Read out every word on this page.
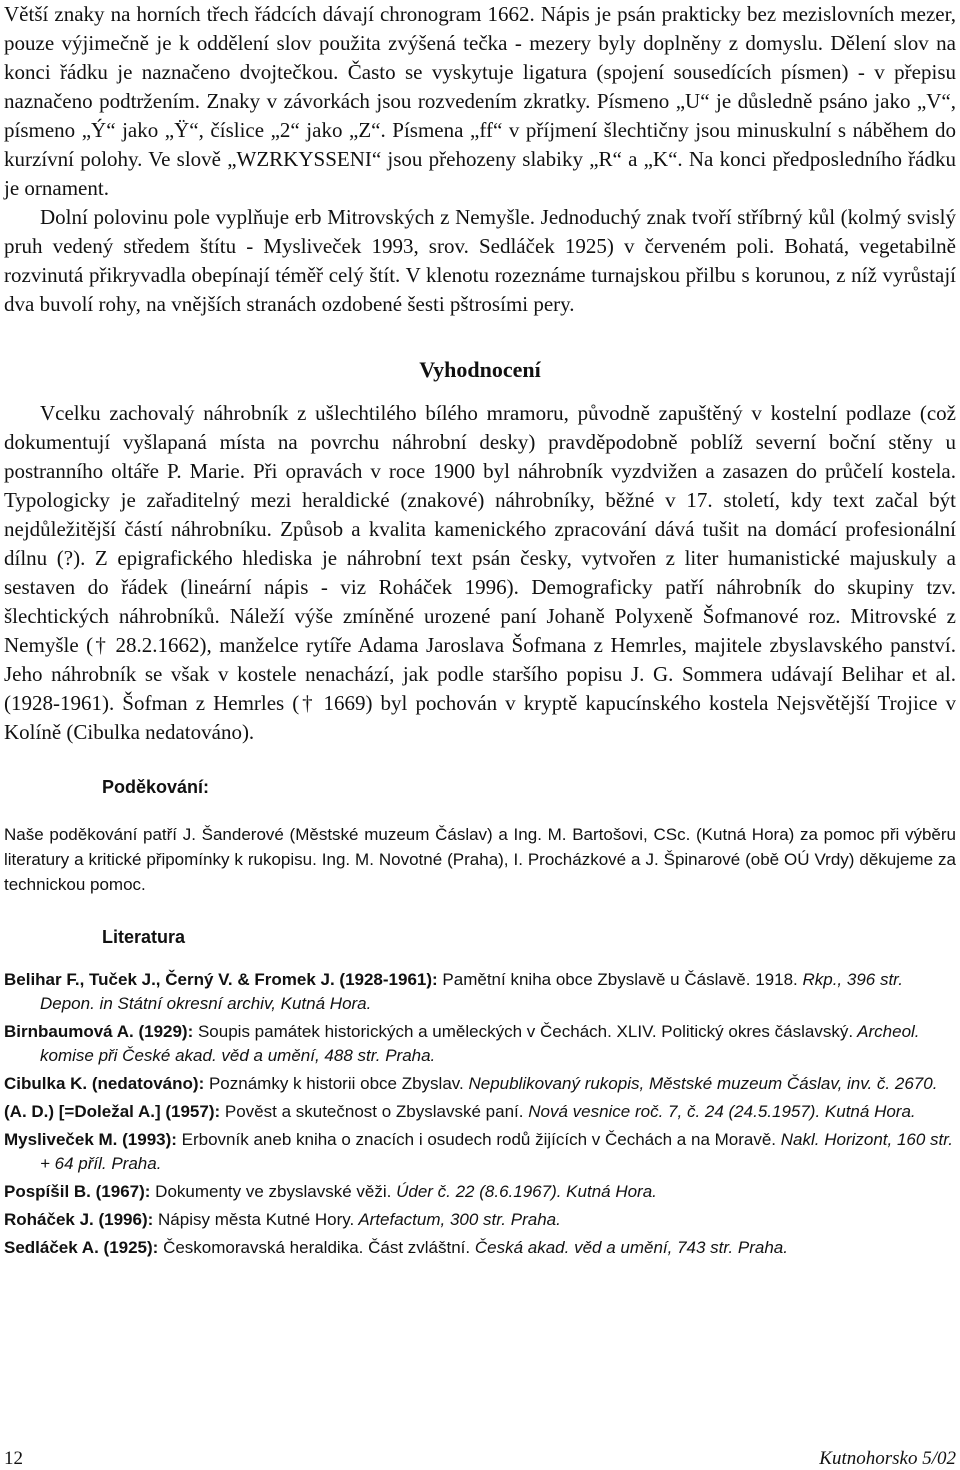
Větší znaky na horních třech řádcích dávají chronogram 1662. Nápis je psán prakticky bez mezislovních mezer, pouze výjimečně je k oddělení slov použita zvýšená tečka - mezery byly doplněny z domyslu. Dělení slov na konci řádku je naznačeno dvojtečkou. Často se vyskytuje ligatura (spojení sousedících písmen) - v přepisu naznačeno podtržením. Znaky v závorkách jsou rozvedením zkratky. Písmeno „U“ je důsledně psáno jako „V“, písmeno „Ý“ jako „Ÿ“, číslice „2“ jako „Z“. Písmena „ff“ v příjmení šlechtičny jsou minuskulní s náběhem do kurzívní polohy. Ve slově „WZRKYSSENI“ jsou přehozeny slabiky „R“ a „K“. Na konci předposledního řádku je ornament.

Dolní polovinu pole vyplňuje erb Mitrovských z Nemyšle. Jednoduchý znak tvoří stříbrný kůl (kolmý svislý pruh vedený středem štítu - Mysliveček 1993, srov. Sedláček 1925) v červeném poli. Bohatá, vegetabilně rozvinutá přikryvadla obepínají téměř celý štít. V klenotu rozeznáme turnajskou přilbu s korunou, z níž vyrůstají dva buvolí rohy, na vnějších stranách ozdobené šesti pštrosími pery.

Vyhodnocení

Vcelku zachovalý náhrobník z ušlechtilého bílého mramoru, původně zapuštěný v kostelní podlaze (což dokumentují vyšlapaná místa na povrchu náhrobní desky) pravděpodobně poblíž severní boční stěny u postranního oltáře P. Marie. Při opravách v roce 1900 byl náhrobník vyzdvižen a zasazen do průčelí kostela. Typologicky je zařaditelný mezi heraldické (znakové) náhrobníky, běžné v 17. století, kdy text začal být nejdůležitější částí náhrobníku. Způsob a kvalita kamenického zpracování dává tušit na domácí profesionální dílnu (?). Z epigrafického hlediska je náhrobní text psán česky, vytvořen z liter humanistické majuskuly a sestaven do řádek (lineární nápis - viz Roháček 1996). Demograficky patří náhrobník do skupiny tzv. šlechtických náhrobníků. Náleží výše zmíněné urozené paní Johaně Polyxeně Šofmanové roz. Mitrovské z Nemyšle († 28.2.1662), manželce rytíře Adama Jaroslava Šofmana z Hemrles, majitele zbyslavského panství. Jeho náhrobník se však v kostele nenachází, jak podle staršího popisu J. G. Sommera udávají Belihar et al. (1928-1961). Šofman z Hemrles († 1669) byl pochován v kryptě kapucínského kostela Nejsvětější Trojice v Kolíně (Cibulka nedatováno).

Poděkování:

Naše poděkování patří J. Šanderové (Městské muzeum Čáslav) a Ing. M. Bartošovi, CSc. (Kutná Hora) za pomoc při výběru literatury a kritické připomínky k rukopisu. Ing. M. Novotné (Praha), I. Procházkové a J. Špinarové (obě OÚ Vrdy) děkujeme za technickou pomoc.

Literatura

Belihar F., Tuček J., Černý V. & Fromek J. (1928-1961): Pamětní kniha obce Zbyslavě u Čáslavě. 1918. Rkp., 396 str. Depon. in Státní okresní archiv, Kutná Hora.

Birnbaumová A. (1929): Soupis památek historických a uměleckých v Čechách. XLIV. Politický okres čáslavský. Archeol. komise při České akad. věd a umění, 488 str. Praha.

Cibulka K. (nedatováno): Poznámky k historii obce Zbyslav. Nepublikovaný rukopis, Městské muzeum Čáslav, inv. č. 2670.

(A. D.) [=Doležal A.] (1957): Pověst a skutečnost o Zbyslavské paní. Nová vesnice roč. 7, č. 24 (24.5.1957). Kutná Hora.

Mysliveček M. (1993): Erbovník aneb kniha o znacích i osudech rodů žijících v Čechách a na Moravě. Nakl. Horizont, 160 str. + 64 příl. Praha.

Pospíšil B. (1967): Dokumenty ve zbyslavské věži. Úder č. 22 (8.6.1967). Kutná Hora.

Roháček J. (1996): Nápisy města Kutné Hory. Artefactum, 300 str. Praha.

Sedláček A. (1925): Českomoravská heraldika. Část zvláštní. Česká akad. věd a umění, 743 str. Praha.

12	Kutnohorsko 5/02
